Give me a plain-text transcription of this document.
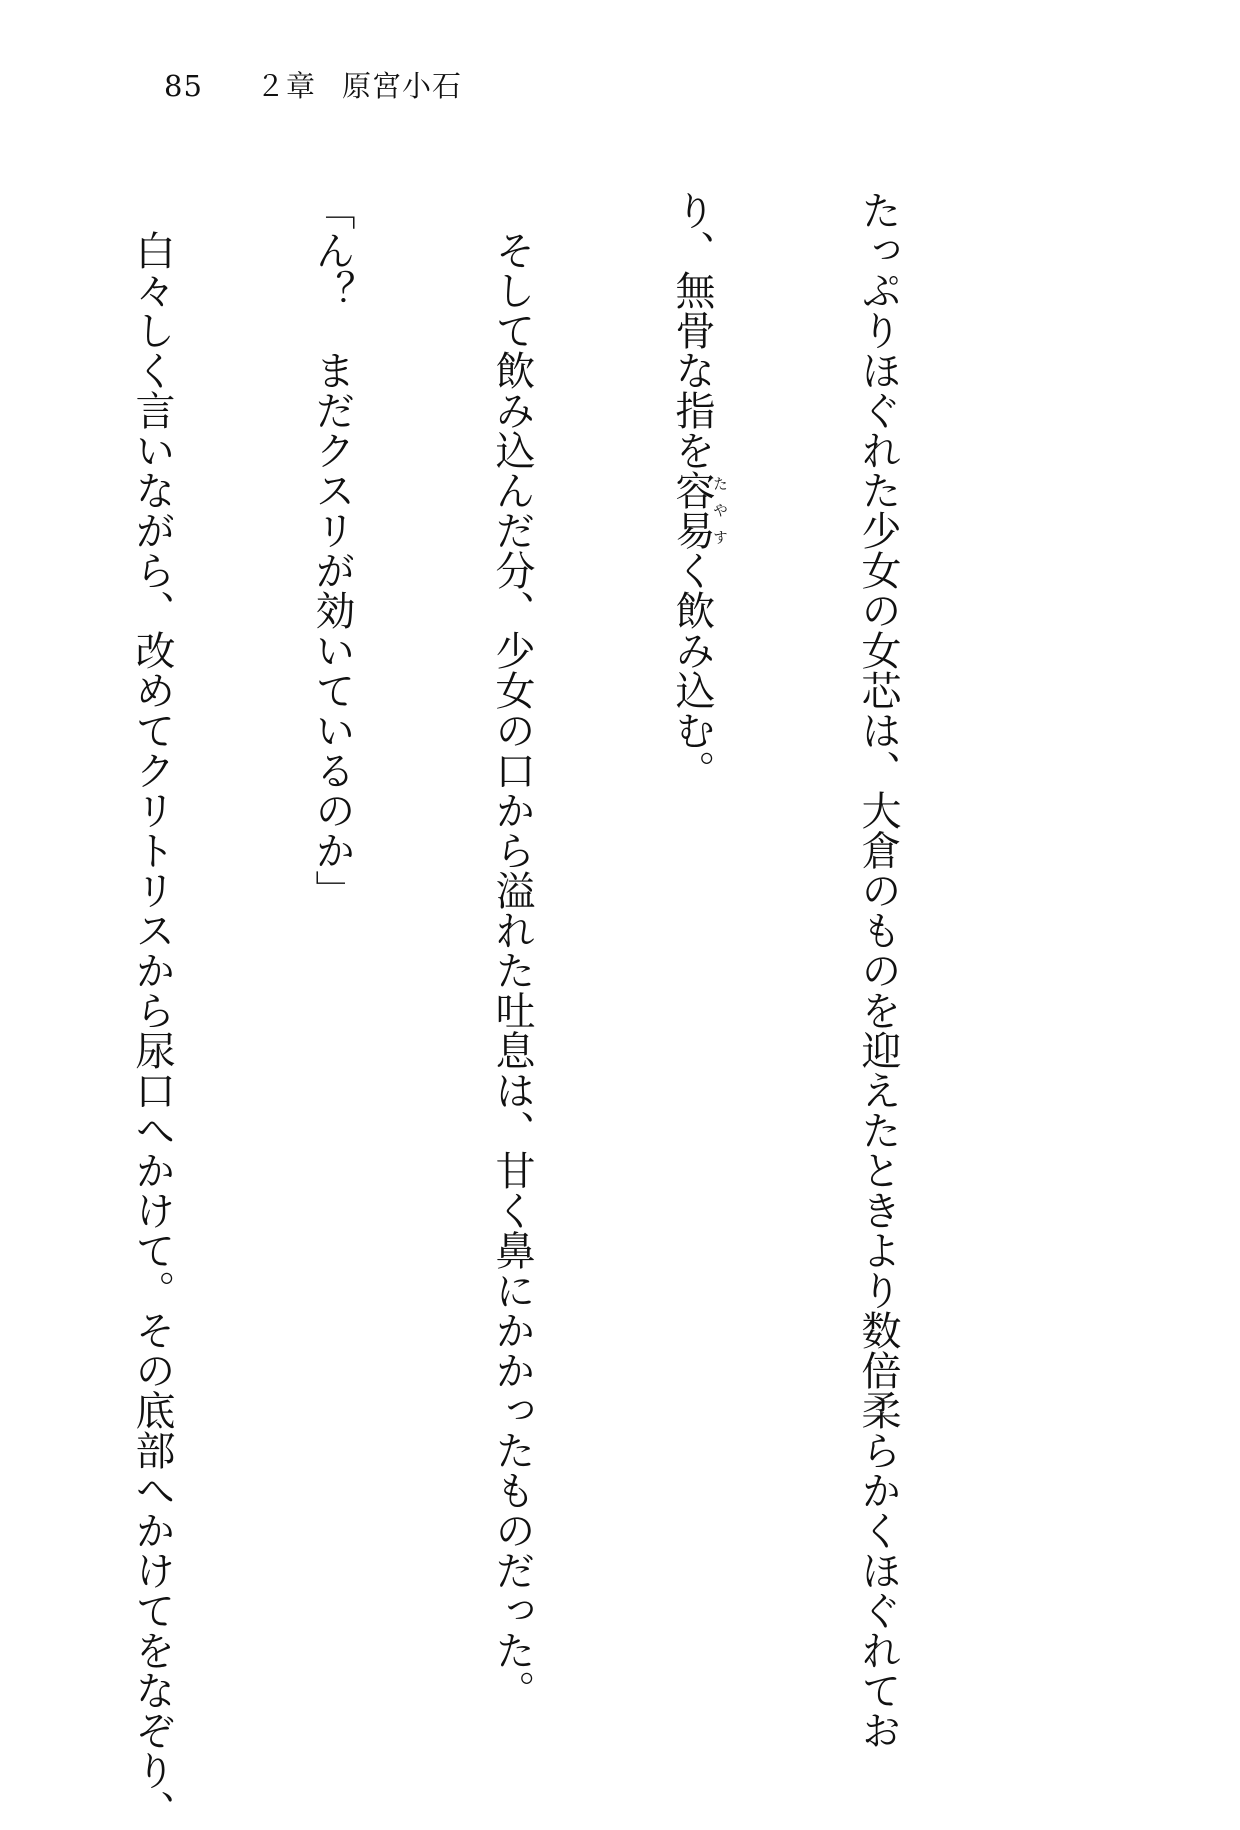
85 ２章 原宮小石

たっぷりほぐれた少女の女芯は、大倉のものを迎えたときより数倍柔らかくほぐれてお

り、無骨な指を容易たやすく飲み込む。

　そして飲み込んだ分、少女の口から溢れた吐息は、甘く鼻にかかったものだった。

「ん？　まだクスリが効いているのか」

　白々しく言いながら、改めてクリトリスから尿口へかけて。その底部へかけてをなぞり、
